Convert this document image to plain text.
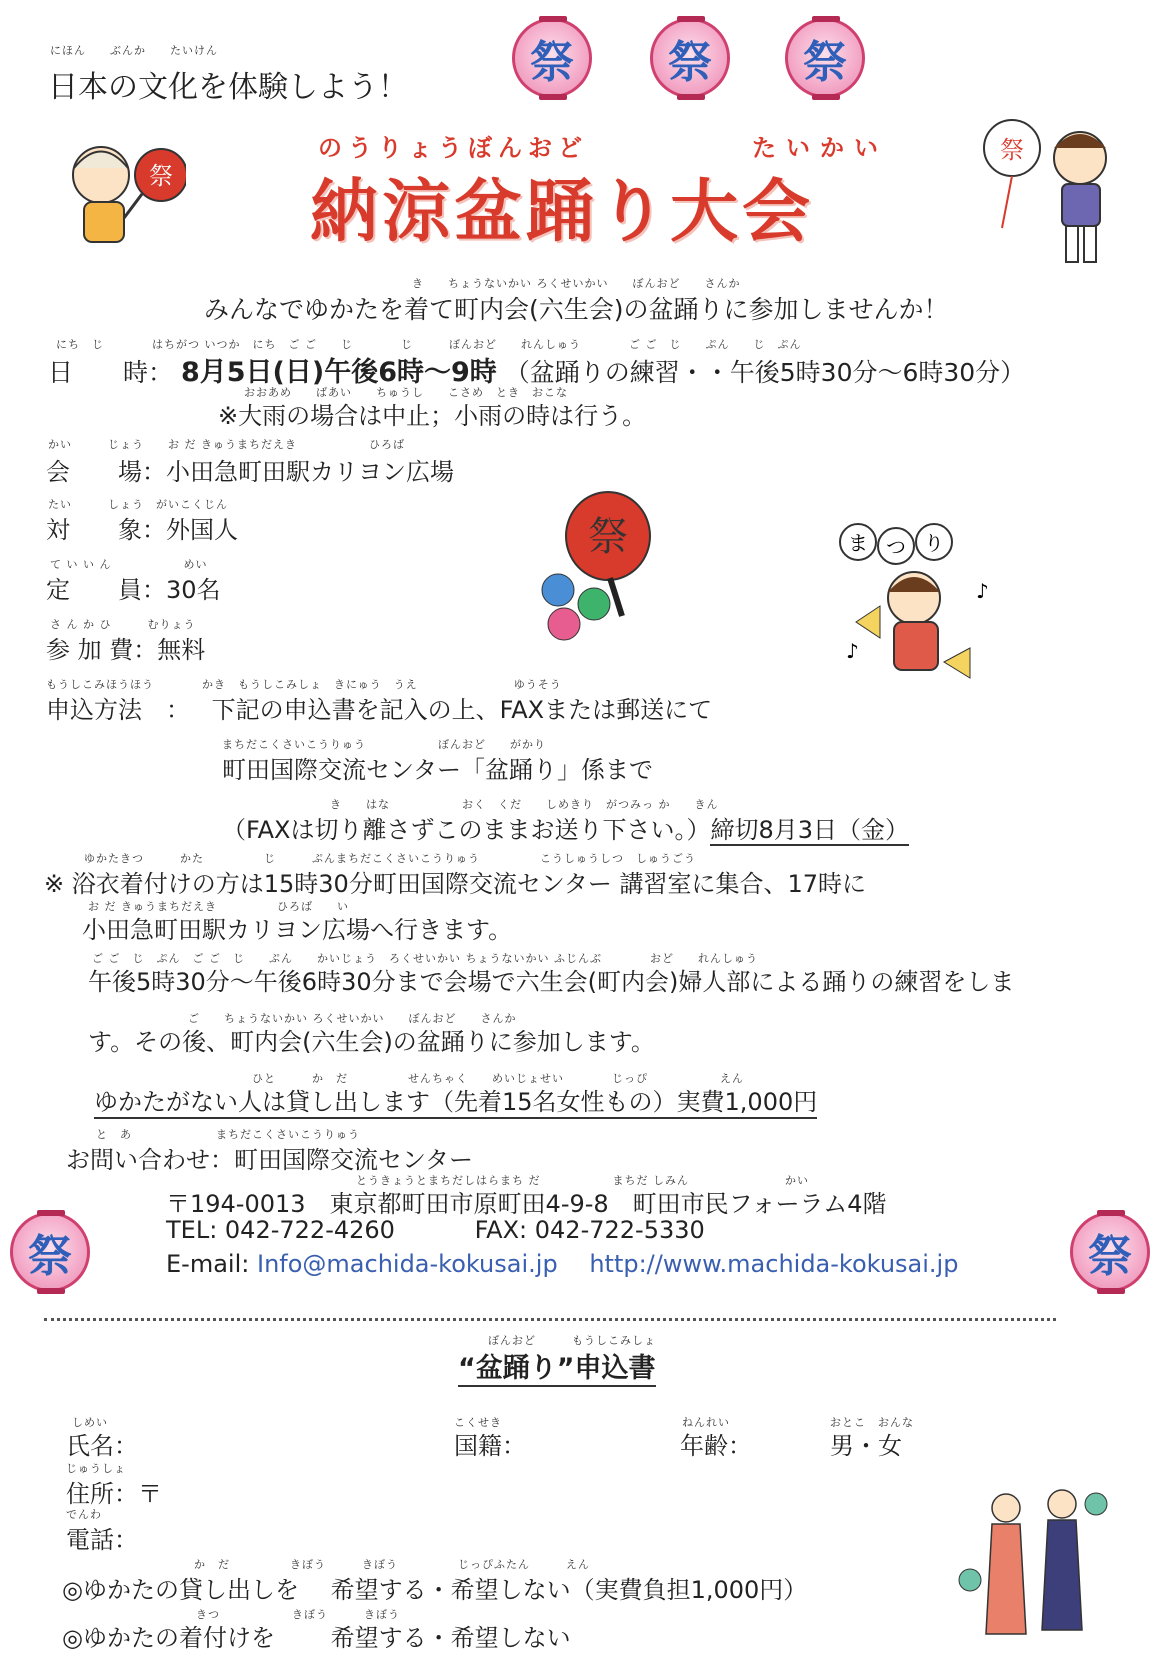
祭 祭 祭
祭	祭
祭
祭
祭	ま つ り
♪
♪
にほん　　ぶんか　　たいけん
日本の文化を体験しよう！
のうりょうぼんおど	たいかい
納涼盆踊り大会
き　　ちょうないかい ろくせいかい　　ぼんおど　　さんか
みんなでゆかたを着て町内会(六生会)の盆踊りに参加しませんか！
にち　じ　　　　はちがつ いつか　にち　ご ご　　じ　　　　じ　　　ぼんおど　　れんしゅう　　　　ご ご　じ　　ぷん　　じ　ぷん
日　　時： 8月5日(日)午後6時～9時 （盆踊りの練習・・午後5時30分～6時30分）
おおあめ　　ばあい　　ちゅうし　　こさめ　とき　おこな
※大雨の場合は中止；小雨の時は行う。
かい　　　じょう　　お だ きゅうまちだえき　　　　　　ひろば
会　　場：小田急町田駅カリヨン広場
たい　　　しょう　がいこくじん
対　　象：外国人
て い い ん　　　　　　めい
定　　員：30名
さ ん か ひ　　　むりょう
参 加 費：無料
もうしこみほうほう　　　　かき　もうしこみしょ　きにゅう　うえ　　　　　　　　ゆうそう
申込方法　： 下記の申込書を記入の上、FAXまたは郵送にて
まちだこくさいこうりゅう　　　　　　ぼんおど　　がかり
町田国際交流センター「盆踊り」係まで
き　　はな　　　　　　おく　くだ　　しめきり　がつみっ か　　きん
（FAXは切り離さずこのままお送り下さい。）締切8月3日（金）
ゆかたきつ　　　かた　　　　　じ　　　ぷんまちだこくさいこうりゅう　　　　　こうしゅうしつ　しゅうごう
※ 浴衣着付けの方は15時30分町田国際交流センター 講習室に集合、17時に
お だ きゅうまちだえき　　　　　ひろば　　い
小田急町田駅カリヨン広場へ行きます。
ご ご　じ　ぷん　ご ご　じ　　ぷん　　かいじょう　ろくせいかい ちょうないかい ふじんぶ　　　　おど　　れんしゅう
午後5時30分～午後6時30分まで会場で六生会(町内会)婦人部による踊りの練習をしま
ご　　ちょうないかい ろくせいかい　　ぼんおど　　さんか
す。その後、町内会(六生会)の盆踊りに参加します。
ひと　　　か　だ　　　　　せんちゃく　　めいじょせい　　　　じっぴ　　　　　　えん
ゆかたがない人は貸し出します（先着15名女性もの）実費1,000円
と　あ　　　　　　　まちだこくさいこうりゅう
お問い合わせ：町田国際交流センター
とうきょうとまちだしはらまち だ　　　　　　まちだ しみん　　　　　　　　かい
〒194-0013　東京都町田市原町田4-9-8　町田市民フォーラム4階
TEL: 042-722-4260	FAX: 042-722-5330
E-mail: Info@machida-kokusai.jp http://www.machida-kokusai.jp
ぼんおど　　　もうしこみしょ
“盆踊り”申込書
しめい
氏名：
こくせき
国籍：
ねんれい
年齢：
おとこ　おんな
男・女
じゅうしょ
住所：〒
でんわ
電話：
か　だ　　　　　きぼう　　　きぼう　　　　　じっぴふたん　　　えん
◎ゆかたの貸し出しを 希望する・希望しない（実費負担1,000円）
きつ　　　　　　きぼう　　　きぼう
◎ゆかたの着付けを 希望する・希望しない
